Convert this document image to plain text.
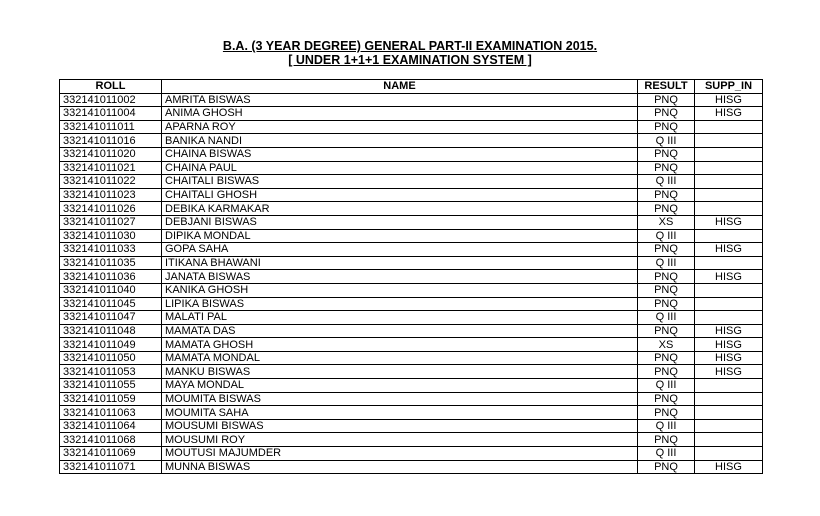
B.A. (3 YEAR DEGREE) GENERAL PART-II EXAMINATION 2015.
[ UNDER 1+1+1 EXAMINATION SYSTEM ]
ROLL	NAME	RESULT	SUPP_IN
332141011002	AMRITA BISWAS	PNQ	HISG
332141011004	ANIMA GHOSH	PNQ	HISG
332141011011	APARNA ROY	PNQ	
332141011016	BANIKA NANDI	Q III	
332141011020	CHAINA BISWAS	PNQ	
332141011021	CHAINA PAUL	PNQ	
332141011022	CHAITALI BISWAS	Q III	
332141011023	CHAITALI GHOSH	PNQ	
332141011026	DEBIKA KARMAKAR	PNQ	
332141011027	DEBJANI BISWAS	XS	HISG
332141011030	DIPIKA MONDAL	Q III	
332141011033	GOPA SAHA	PNQ	HISG
332141011035	ITIKANA BHAWANI	Q III	
332141011036	JANATA BISWAS	PNQ	HISG
332141011040	KANIKA GHOSH	PNQ	
332141011045	LIPIKA BISWAS	PNQ	
332141011047	MALATI PAL	Q III	
332141011048	MAMATA DAS	PNQ	HISG
332141011049	MAMATA GHOSH	XS	HISG
332141011050	MAMATA MONDAL	PNQ	HISG
332141011053	MANKU BISWAS	PNQ	HISG
332141011055	MAYA MONDAL	Q III	
332141011059	MOUMITA BISWAS	PNQ	
332141011063	MOUMITA SAHA	PNQ	
332141011064	MOUSUMI BISWAS	Q III	
332141011068	MOUSUMI ROY	PNQ	
332141011069	MOUTUSI MAJUMDER	Q III	
332141011071	MUNNA BISWAS	PNQ	HISG
